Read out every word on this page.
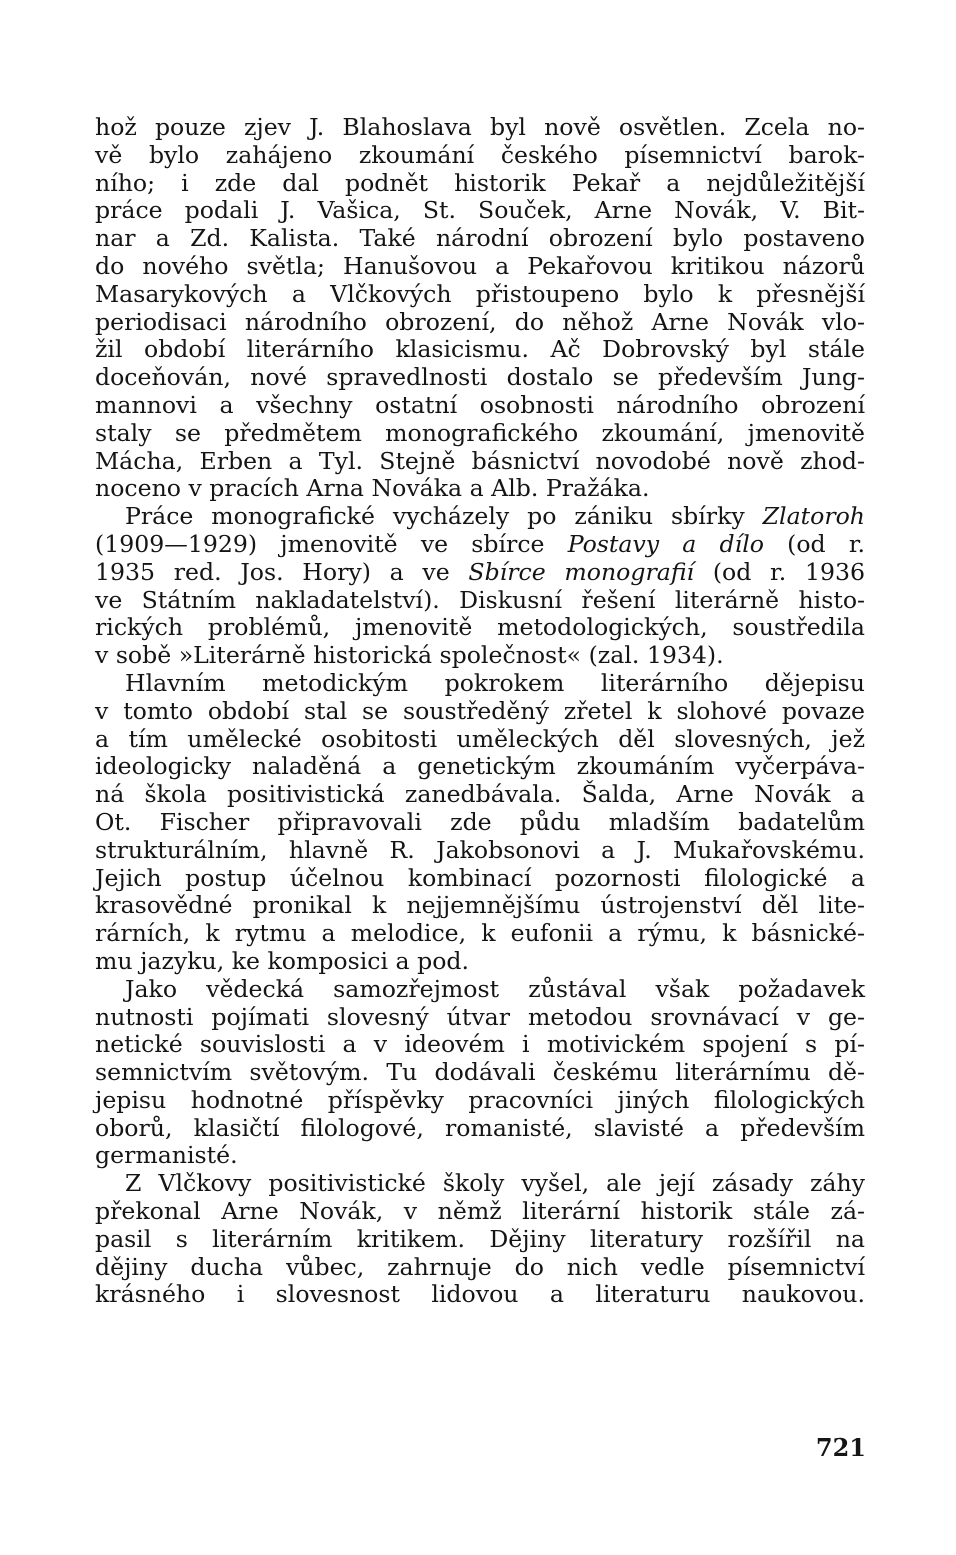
hož pouze zjev J. Blahoslava byl nově osvětlen. Zcela no-
vě bylo zahájeno zkoumání českého písemnictví barok-
ního; i zde dal podnět historik Pekař a nejdůležitější
práce podali J. Vašica, St. Souček, Arne Novák, V. Bit-
nar a Zd. Kalista. Také národní obrození bylo postaveno
do nového světla; Hanušovou a Pekařovou kritikou názorů
Masarykových a Vlčkových přistoupeno bylo k přesnější
periodisaci národního obrození, do něhož Arne Novák vlo-
žil období literárního klasicismu. Ač Dobrovský byl stále
doceňován, nové spravedlnosti dostalo se především Jung-
mannovi a všechny ostatní osobnosti národního obrození
staly se předmětem monografického zkoumání, jmenovitě
Mácha, Erben a Tyl. Stejně básnictví novodobé nově zhod-
noceno v pracích Arna Nováka a Alb. Pražáka.
Práce monografické vycházely po zániku sbírky Zlatoroh
(1909—1929) jmenovitě ve sbírce Postavy a dílo (od r.
1935 red. Jos. Hory) a ve Sbírce monografií (od r. 1936
ve Státním nakladatelství). Diskusní řešení literárně histo-
rických problémů, jmenovitě metodologických, soustředila
v sobě »Literárně historická společnost« (zal. 1934).
Hlavním metodickým pokrokem literárního dějepisu
v tomto období stal se soustředěný zřetel k slohové povaze
a tím umělecké osobitosti uměleckých děl slovesných, jež
ideologicky naladěná a genetickým zkoumáním vyčerpáva-
ná škola positivistická zanedbávala. Šalda, Arne Novák a
Ot. Fischer připravovali zde půdu mladším badatelům
strukturálním, hlavně R. Jakobsonovi a J. Mukařovskému.
Jejich postup účelnou kombinací pozornosti filologické a
krasovědné pronikal k nejjemnějšímu ústrojenství děl lite-
rárních, k rytmu a melodice, k eufonii a rýmu, k básnické-
mu jazyku, ke komposici a pod.
Jako vědecká samozřejmost zůstával však požadavek
nutnosti pojímati slovesný útvar metodou srovnávací v ge-
netické souvislosti a v ideovém i motivickém spojení s pí-
semnictvím světovým. Tu dodávali českému literárnímu dě-
jepisu hodnotné příspěvky pracovníci jiných filologických
oborů, klasičtí filologové, romanisté, slavisté a především
germanisté.
Z Vlčkovy positivistické školy vyšel, ale její zásady záhy
překonal Arne Novák, v němž literární historik stále zá-
pasil s literárním kritikem. Dějiny literatury rozšířil na
dějiny ducha vůbec, zahrnuje do nich vedle písemnictví
krásného i slovesnost lidovou a literaturu naukovou.
721
